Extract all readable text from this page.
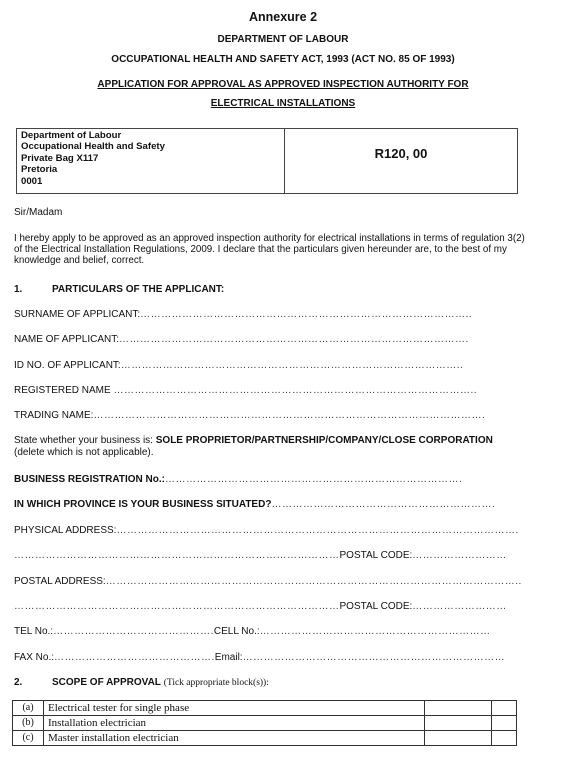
Annexure 2
DEPARTMENT OF LABOUR
OCCUPATIONAL HEALTH AND SAFETY ACT, 1993 (ACT NO. 85 OF 1993)
APPLICATION FOR APPROVAL AS APPROVED INSPECTION AUTHORITY FOR
ELECTRICAL INSTALLATIONS
Department of Labour
Occupational Health and Safety
Private Bag X117
Pretoria
0001
R120, 00
Sir/Madam
I hereby apply to be approved as an approved inspection authority for electrical installations in terms of regulation 3(2) of the Electrical Installation Regulations, 2009. I declare that the particulars given hereunder are, to the best of my knowledge and belief, correct.
1.	PARTICULARS OF THE APPLICANT:
SURNAME OF APPLICANT:…………………………………………………………………………………..
NAME OF APPLICANT:……………………………………………………………………………………….
ID NO. OF APPLICANT:……………………………………………………………………………………..
REGISTERED NAME …………………………………………………………………………………………..
TRADING NAME:………………………………………………………………………………………………….
State whether your business is: SOLE PROPRIETOR/PARTNERSHIP/COMPANY/CLOSE CORPORATION
(delete which is not applicable).
BUSINESS REGISTRATION No.:………………………………………………………………………….
IN WHICH PROVINCE IS YOUR BUSINESS SITUATED?……………………………………………………….
PHYSICAL ADDRESS:…………………………………………………………………………………………………….
…………………………………………………………………………………POSTAL CODE:………………………
POSTAL ADDRESS:………………………………………………………………………………………………………..
…………………………………………………………………………………POSTAL CODE:………………………
TEL No.:……………………………………….CELL No.:…………………………………………………………
FAX No.:……………………………………….Email:…………………………………………………………………
2.	SCOPE OF APPROVAL (Tick appropriate block(s)):
(a)	Electrical tester for single phase		
(b)	Installation electrician		
(c)	Master installation electrician		
